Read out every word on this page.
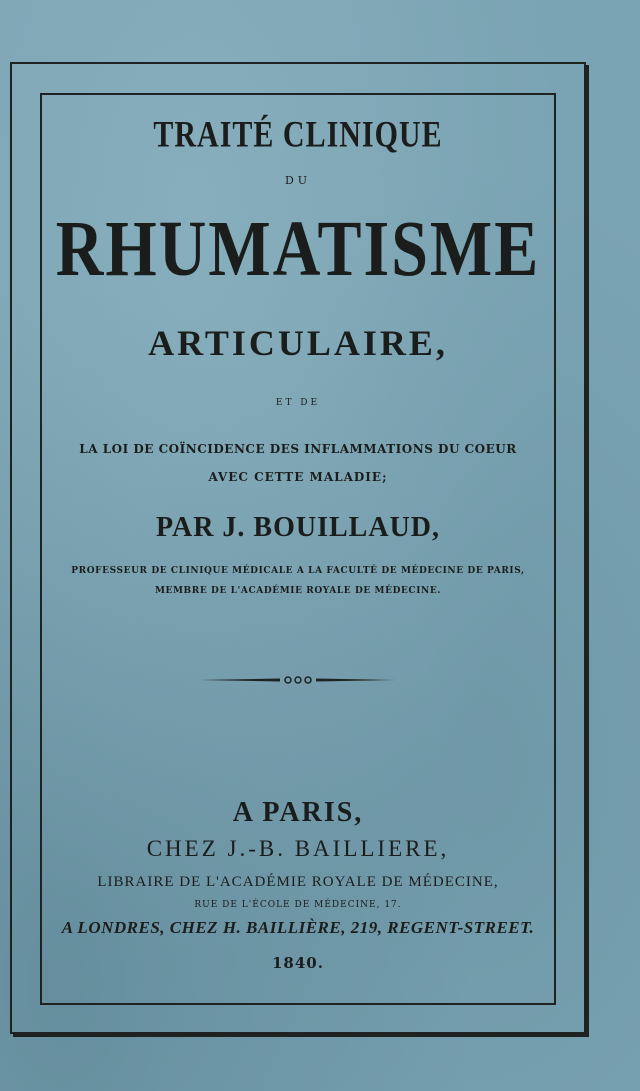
TRAITÉ CLINIQUE
DU
RHUMATISME
ARTICULAIRE,
ET DE
LA LOI DE COÏNCIDENCE DES INFLAMMATIONS DU COEUR
AVEC CETTE MALADIE;
PAR J. BOUILLAUD,
PROFESSEUR DE CLINIQUE MÉDICALE A LA FACULTÉ DE MÉDECINE DE PARIS,
MEMBRE DE L'ACADÉMIE ROYALE DE MÉDECINE.
A PARIS,
CHEZ J.-B. BAILLIERE,
LIBRAIRE DE L'ACADÉMIE ROYALE DE MÉDECINE,
RUE DE L'ÉCOLE DE MÉDECINE, 17.
A LONDRES, CHEZ H. BAILLIÈRE, 219, REGENT-STREET.
1840.
